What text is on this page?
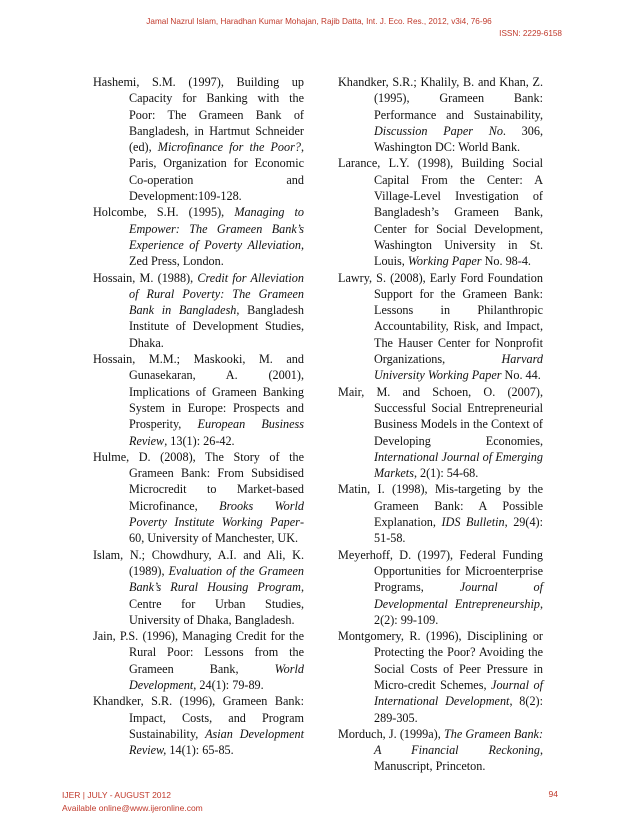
Jamal Nazrul Islam, Haradhan Kumar Mohajan, Rajib Datta, Int. J. Eco. Res., 2012, v3i4, 76-96
ISSN: 2229-6158

Hashemi, S.M. (1997), Building up Capacity for Banking with the Poor: The Grameen Bank of Bangladesh, in Hartmut Schneider (ed), Microfinance for the Poor?, Paris, Organization for Economic Co-operation and Development:109-128.

Holcombe, S.H. (1995), Managing to Empower: The Grameen Bank’s Experience of Poverty Alleviation, Zed Press, London.

Hossain, M. (1988), Credit for Alleviation of Rural Poverty: The Grameen Bank in Bangladesh, Bangladesh Institute of Development Studies, Dhaka.

Hossain, M.M.; Maskooki, M. and Gunasekaran, A. (2001), Implications of Grameen Banking System in Europe: Prospects and Prosperity, European Business Review, 13(1): 26-42.

Hulme, D. (2008), The Story of the Grameen Bank: From Subsidised Microcredit to Market-based Microfinance, Brooks World Poverty Institute Working Paper-60, University of Manchester, UK.

Islam, N.; Chowdhury, A.I. and Ali, K. (1989), Evaluation of the Grameen Bank’s Rural Housing Program, Centre for Urban Studies, University of Dhaka, Bangladesh.

Jain, P.S. (1996), Managing Credit for the Rural Poor: Lessons from the Grameen Bank, World Development, 24(1): 79-89.

Khandker, S.R. (1996), Grameen Bank: Impact, Costs, and Program Sustainability, Asian Development Review, 14(1): 65-85.

Khandker, S.R.; Khalily, B. and Khan, Z. (1995), Grameen Bank: Performance and Sustainability, Discussion Paper No. 306, Washington DC: World Bank.

Larance, L.Y. (1998), Building Social Capital From the Center: A Village-Level Investigation of Bangladesh’s Grameen Bank, Center for Social Development, Washington University in St. Louis, Working Paper No. 98-4.

Lawry, S. (2008), Early Ford Foundation Support for the Grameen Bank: Lessons in Philanthropic Accountability, Risk, and Impact, The Hauser Center for Nonprofit Organizations, Harvard University Working Paper No. 44.

Mair, M. and Schoen, O. (2007), Successful Social Entrepreneurial Business Models in the Context of Developing Economies, International Journal of Emerging Markets, 2(1): 54-68.

Matin, I. (1998), Mis-targeting by the Grameen Bank: A Possible Explanation, IDS Bulletin, 29(4): 51-58.

Meyerhoff, D. (1997), Federal Funding Opportunities for Microenterprise Programs, Journal of Developmental Entrepreneurship, 2(2): 99-109.

Montgomery, R. (1996), Disciplining or Protecting the Poor? Avoiding the Social Costs of Peer Pressure in Micro-credit Schemes, Journal of International Development, 8(2): 289-305.

Morduch, J. (1999a), The Grameen Bank: A Financial Reckoning, Manuscript, Princeton.

IJER | JULY - AUGUST 2012
Available online@www.ijeronline.com
94
